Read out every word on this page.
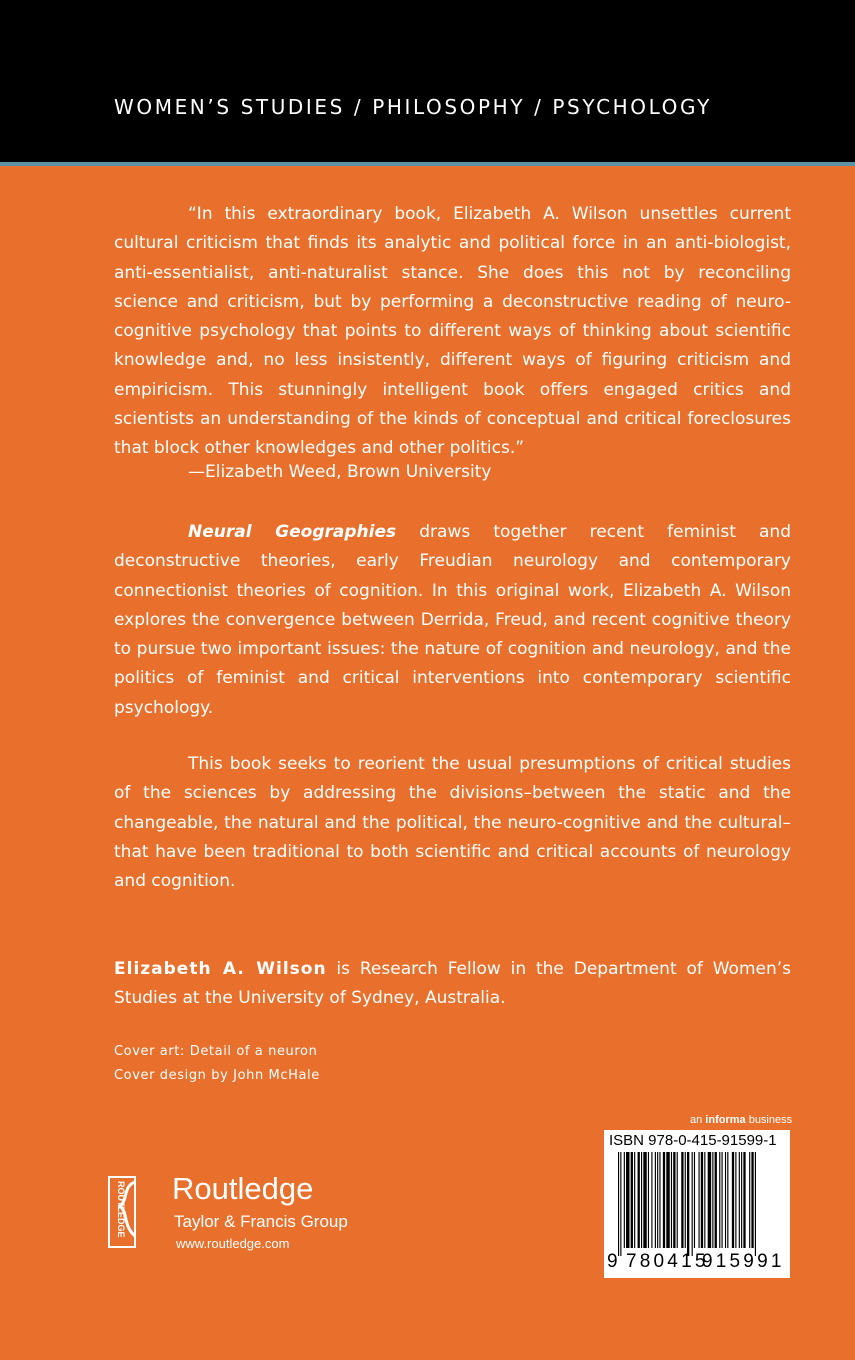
WOMEN’S STUDIES / PHILOSOPHY / PSYCHOLOGY
“In this extraordinary book, Elizabeth A. Wilson unsettles current cultural criticism that finds its analytic and political force in an anti-biologist, anti-essentialist, anti-naturalist stance. She does this not by reconciling science and criticism, but by performing a deconstructive reading of neuro-cognitive psychology that points to different ways of thinking about scientific knowledge and, no less insistently, different ways of figuring criticism and empiricism. This stunningly intelligent book offers engaged critics and scientists an understanding of the kinds of conceptual and critical foreclosures that block other knowledges and other politics.”
—Elizabeth Weed, Brown University
Neural Geographies draws together recent feminist and deconstructive theories, early Freudian neurology and contemporary connectionist theories of cognition. In this original work, Elizabeth A. Wilson explores the convergence between Derrida, Freud, and recent cognitive theory to pursue two important issues: the nature of cognition and neurology, and the politics of feminist and critical interventions into contemporary scientific psychology.
This book seeks to reorient the usual presumptions of critical studies of the sciences by addressing the divisions–between the static and the changeable, the natural and the political, the neuro-cognitive and the cultural–that have been traditional to both scientific and critical accounts of neurology and cognition.
Elizabeth A. Wilson is Research Fellow in the Department of Women’s Studies at the University of Sydney, Australia.
Cover art: Detail of a neuron
Cover design by John McHale
ROUTLEDGE Routledge
Taylor & Francis Group
www.routledge.com
an informa business
ISBN 978-0-415-91599-1
9 780415
915991
